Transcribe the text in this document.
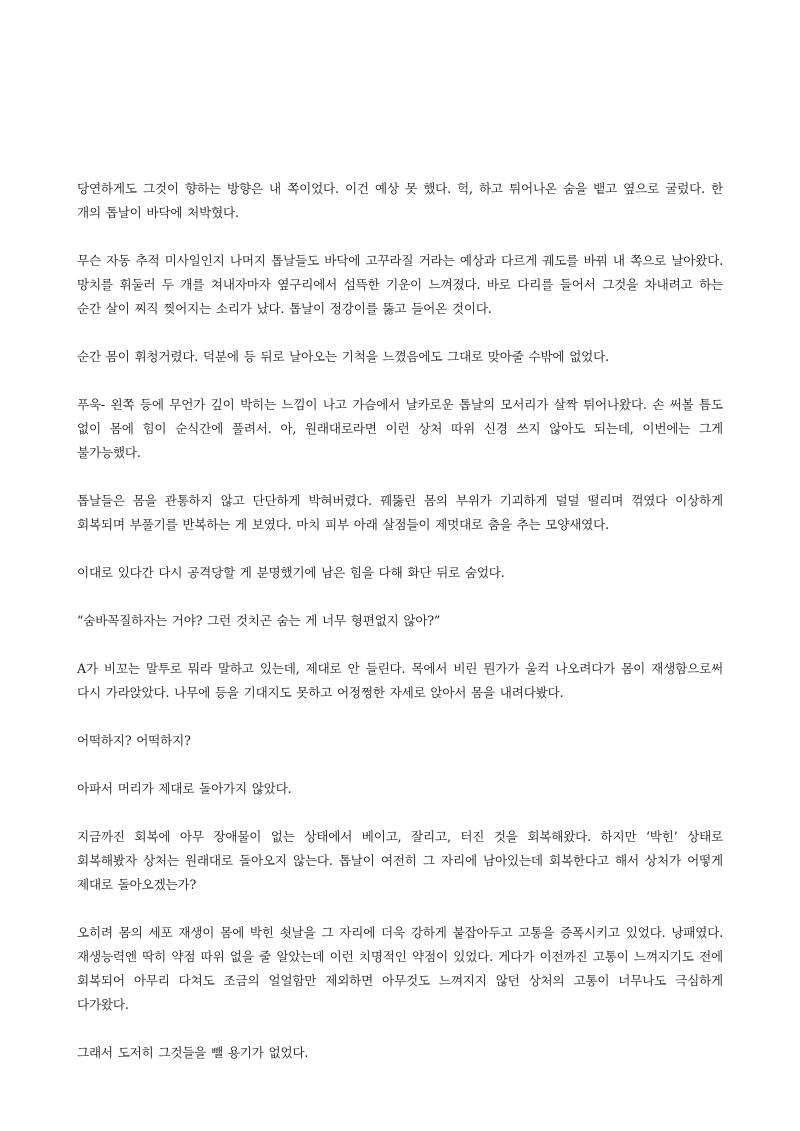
당연하게도 그것이 향하는 방향은 내 쪽이었다. 이건 예상 못 했다. 헉, 하고 튀어나온 숨을 뱉고 옆으로 굴렀다. 한 개의 톱날이 바닥에 처박혔다.

무슨 자동 추적 미사일인지 나머지 톱날들도 바닥에 고꾸라질 거라는 예상과 다르게 궤도를 바꿔 내 쪽으로 날아왔다. 망치를 휘둘러 두 개를 쳐내자마자 옆구리에서 섬뜩한 기운이 느껴졌다. 바로 다리를 들어서 그것을 차내려고 하는 순간 살이 찌직 찢어지는 소리가 났다. 톱날이 정강이를 뚫고 들어온 것이다.

순간 몸이 휘청거렸다. 덕분에 등 뒤로 날아오는 기척을 느꼈음에도 그대로 맞아줄 수밖에 없었다.

푸욱- 왼쪽 등에 무언가 깊이 박히는 느낌이 나고 가슴에서 날카로운 톱날의 모서리가 살짝 튀어나왔다. 손 써볼 틈도 없이 몸에 힘이 순식간에 풀려서. 아, 원래대로라면 이런 상처 따위 신경 쓰지 않아도 되는데, 이번에는 그게 불가능했다.

톱날들은 몸을 관통하지 않고 단단하게 박혀버렸다. 꿰뚫린 몸의 부위가 기괴하게 덜덜 떨리며 꺾였다 이상하게 회복되며 부풀기를 반복하는 게 보였다. 마치 피부 아래 살점들이 제멋대로 춤을 추는 모양새였다.

이대로 있다간 다시 공격당할 게 분명했기에 남은 힘을 다해 화단 뒤로 숨었다.

“숨바꼭질하자는 거야? 그런 것치곤 숨는 게 너무 형편없지 않아?”

A가 비꼬는 말투로 뭐라 말하고 있는데, 제대로 안 들린다. 목에서 비린 뭔가가 울컥 나오려다가 몸이 재생함으로써 다시 가라앉았다. 나무에 등을 기대지도 못하고 어정쩡한 자세로 앉아서 몸을 내려다봤다.

어떡하지? 어떡하지?

아파서 머리가 제대로 돌아가지 않았다.

지금까진 회복에 아무 장애물이 없는 상태에서 베이고, 잘리고, 터진 것을 회복해왔다. 하지만 ‘박힌’ 상태로 회복해봤자 상처는 원래대로 돌아오지 않는다. 톱날이 여전히 그 자리에 남아있는데 회복한다고 해서 상처가 어떻게 제대로 돌아오겠는가?

오히려 몸의 세포 재생이 몸에 박힌 쇳날을 그 자리에 더욱 강하게 붙잡아두고 고통을 증폭시키고 있었다. 낭패였다. 재생능력엔 딱히 약점 따위 없을 줄 알았는데 이런 치명적인 약점이 있었다. 게다가 이전까진 고통이 느껴지기도 전에 회복되어 아무리 다쳐도 조금의 얼얼함만 제외하면 아무것도 느껴지지 않던 상처의 고통이 너무나도 극심하게 다가왔다.

그래서 도저히 그것들을 뺄 용기가 없었다.
